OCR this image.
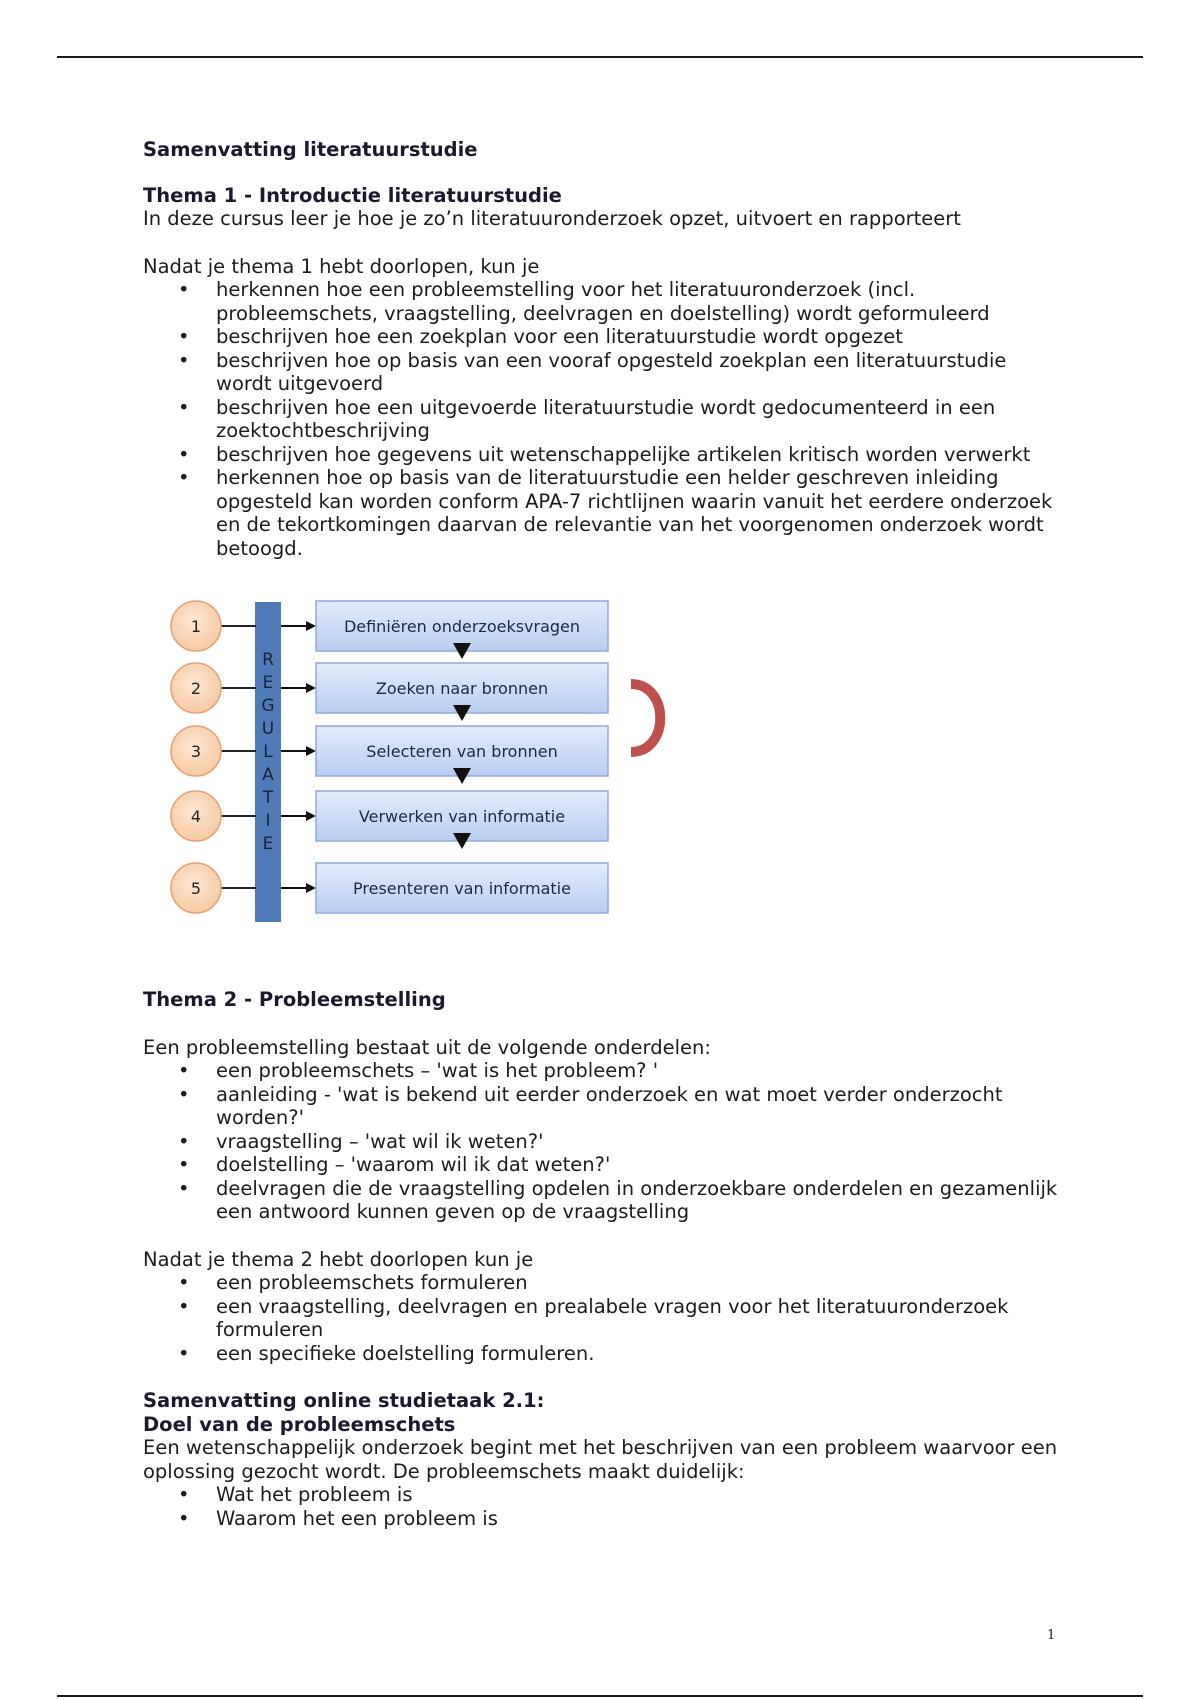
Samenvatting literatuurstudie

Thema 1 - Introductie literatuurstudie

In deze cursus leer je hoe je zo’n literatuuronderzoek opzet, uitvoert en rapporteert

Nadat je thema 1 hebt doorlopen, kun je

• herkennen hoe een probleemstelling voor het literatuuronderzoek (incl. probleemschets, vraagstelling, deelvragen en doelstelling) wordt geformuleerd
• beschrijven hoe een zoekplan voor een literatuurstudie wordt opgezet
• beschrijven hoe op basis van een vooraf opgesteld zoekplan een literatuurstudie wordt uitgevoerd
• beschrijven hoe een uitgevoerde literatuurstudie wordt gedocumenteerd in een zoektochtbeschrijving
• beschrijven hoe gegevens uit wetenschappelijke artikelen kritisch worden verwerkt
• herkennen hoe op basis van de literatuurstudie een helder geschreven inleiding opgesteld kan worden conform APA-7 richtlijnen waarin vanuit het eerdere onderzoek en de tekortkomingen daarvan de relevantie van het voorgenomen onderzoek wordt betoogd.
R E G U L A T I E
1	Definiëren onderzoeksvragen
2	Zoeken naar bronnen
3	Selecteren van bronnen
4	Verwerken van informatie
5	Presenteren van informatie

Thema 2 - Probleemstelling

Een probleemstelling bestaat uit de volgende onderdelen:

• een probleemschets – 'wat is het probleem? '
• aanleiding - 'wat is bekend uit eerder onderzoek en wat moet verder onderzocht worden?'
• vraagstelling – 'wat wil ik weten?'
• doelstelling – 'waarom wil ik dat weten?'
• deelvragen die de vraagstelling opdelen in onderzoekbare onderdelen en gezamenlijk een antwoord kunnen geven op de vraagstelling

Nadat je thema 2 hebt doorlopen kun je

• een probleemschets formuleren
• een vraagstelling, deelvragen en prealabele vragen voor het literatuuronderzoek formuleren
• een specifieke doelstelling formuleren.

Samenvatting online studietaak 2.1:

Doel van de probleemschets

Een wetenschappelijk onderzoek begint met het beschrijven van een probleem waarvoor een oplossing gezocht wordt. De probleemschets maakt duidelijk:

• Wat het probleem is
• Waarom het een probleem is
1
